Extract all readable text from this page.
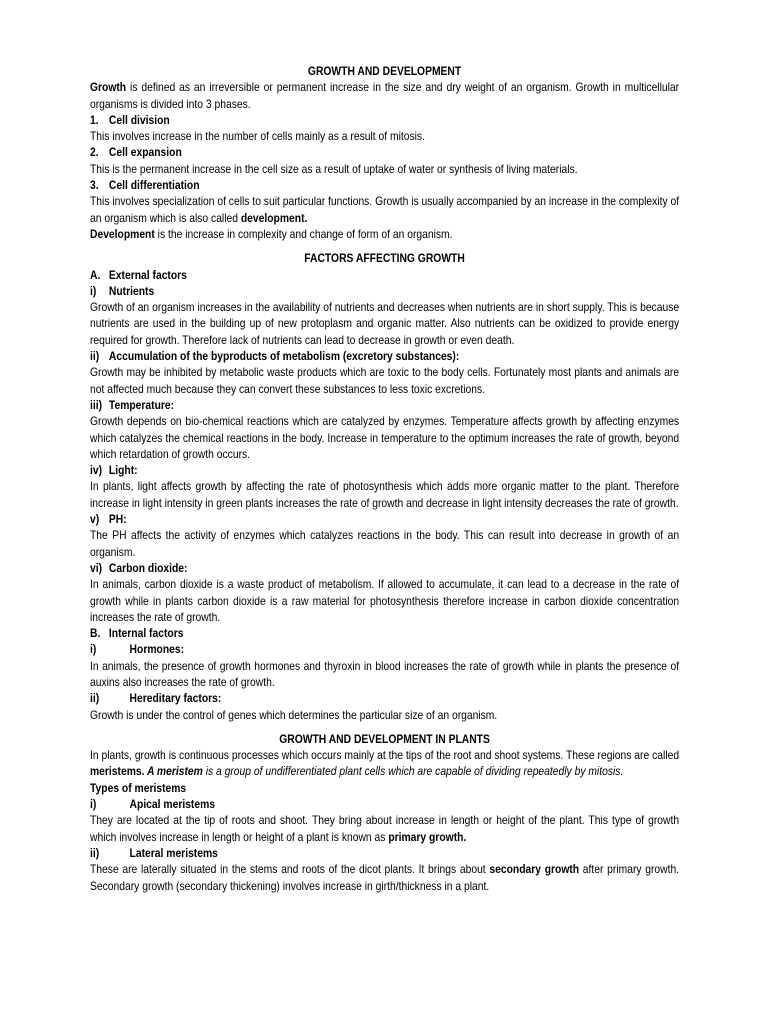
GROWTH AND DEVELOPMENT

Growth is defined as an irreversible or permanent increase in the size and dry weight of an organism. Growth in multicellular organisms is divided into 3 phases.

1. Cell division

This involves increase in the number of cells mainly as a result of mitosis.

2. Cell expansion

This is the permanent increase in the cell size as a result of uptake of water or synthesis of living materials.

3. Cell differentiation

This involves specialization of cells to suit particular functions. Growth is usually accompanied by an increase in the complexity of an organism which is also called development.

Development is the increase in complexity and change of form of an organism.

FACTORS AFFECTING GROWTH
A. External factors
i) Nutrients

Growth of an organism increases in the availability of nutrients and decreases when nutrients are in short supply. This is because nutrients are used in the building up of new protoplasm and organic matter. Also nutrients can be oxidized to provide energy required for growth. Therefore lack of nutrients can lead to decrease in growth or even death.

ii) Accumulation of the byproducts of metabolism (excretory substances):

Growth may be inhibited by metabolic waste products which are toxic to the body cells. Fortunately most plants and animals are not affected much because they can convert these substances to less toxic excretions.

iii) Temperature:

Growth depends on bio-chemical reactions which are catalyzed by enzymes. Temperature affects growth by affecting enzymes which catalyzes the chemical reactions in the body. Increase in temperature to the optimum increases the rate of growth, beyond which retardation of growth occurs.

iv) Light:

In plants, light affects growth by affecting the rate of photosynthesis which adds more organic matter to the plant. Therefore increase in light intensity in green plants increases the rate of growth and decrease in light intensity decreases the rate of growth.

v) PH:

The PH affects the activity of enzymes which catalyzes reactions in the body. This can result into decrease in growth of an organism.

vi) Carbon dioxide:

In animals, carbon dioxide is a waste product of metabolism. If allowed to accumulate, it can lead to a decrease in the rate of growth while in plants carbon dioxide is a raw material for photosynthesis therefore increase in carbon dioxide concentration increases the rate of growth.

B. Internal factors
i)	Hormones:

In animals, the presence of growth hormones and thyroxin in blood increases the rate of growth while in plants the presence of auxins also increases the rate of growth.

ii)	Hereditary factors:

Growth is under the control of genes which determines the particular size of an organism.

GROWTH AND DEVELOPMENT IN PLANTS

In plants, growth is continuous processes which occurs mainly at the tips of the root and shoot systems. These regions are called meristems. A meristem is a group of undifferentiated plant cells which are capable of dividing repeatedly by mitosis.

Types of meristems
i)	Apical meristems

They are located at the tip of roots and shoot. They bring about increase in length or height of the plant. This type of growth which involves increase in length or height of a plant is known as primary growth.

ii)	Lateral meristems

These are laterally situated in the stems and roots of the dicot plants. It brings about secondary growth after primary growth. Secondary growth (secondary thickening) involves increase in girth/thickness in a plant.
